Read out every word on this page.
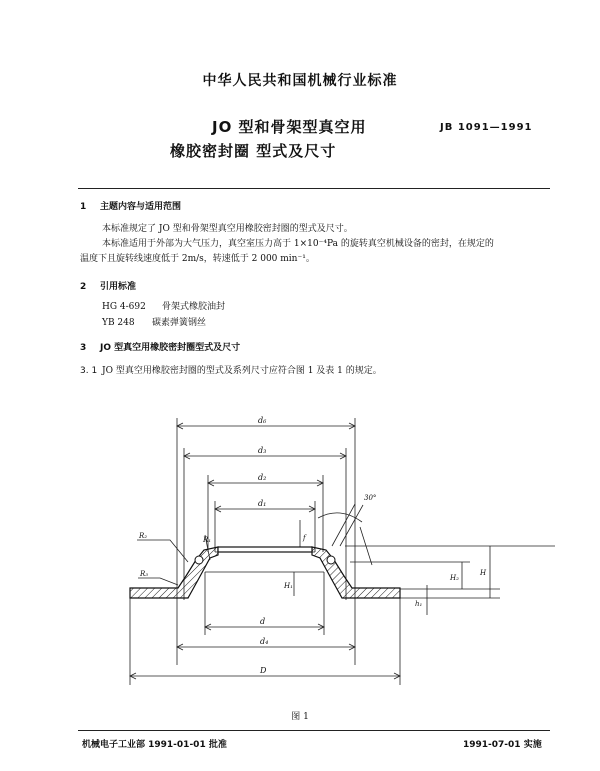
中华人民共和国机械行业标准
JO 型和骨架型真空用
橡胶密封圈 型式及尺寸
JB 1091—1991
1 主题内容与适用范围
本标准规定了 JO 型和骨架型真空用橡胶密封圈的型式及尺寸。
本标准适用于外部为大气压力，真空室压力高于 1×10⁻⁴Pa 的旋转真空机械设备的密封，在规定的
温度下且旋转线速度低于 2m/s，转速低于 2 000 min⁻¹。
2 引用标准
HG 4-692 骨架式橡胶油封
YB 248 碳素弹簧钢丝
3 JO 型真空用橡胶密封圈型式及尺寸
3. 1 JO 型真空用橡胶密封圈的型式及系列尺寸应符合图 1 及表 1 的规定。
d₆
d₃
d₂
d₁
d
d₄
D
R₂
R₃
R₁
30°
f
H₁
H₂
H
h₁
图 1
机械电子工业部 1991-01-01 批准	1991-07-01 实施
